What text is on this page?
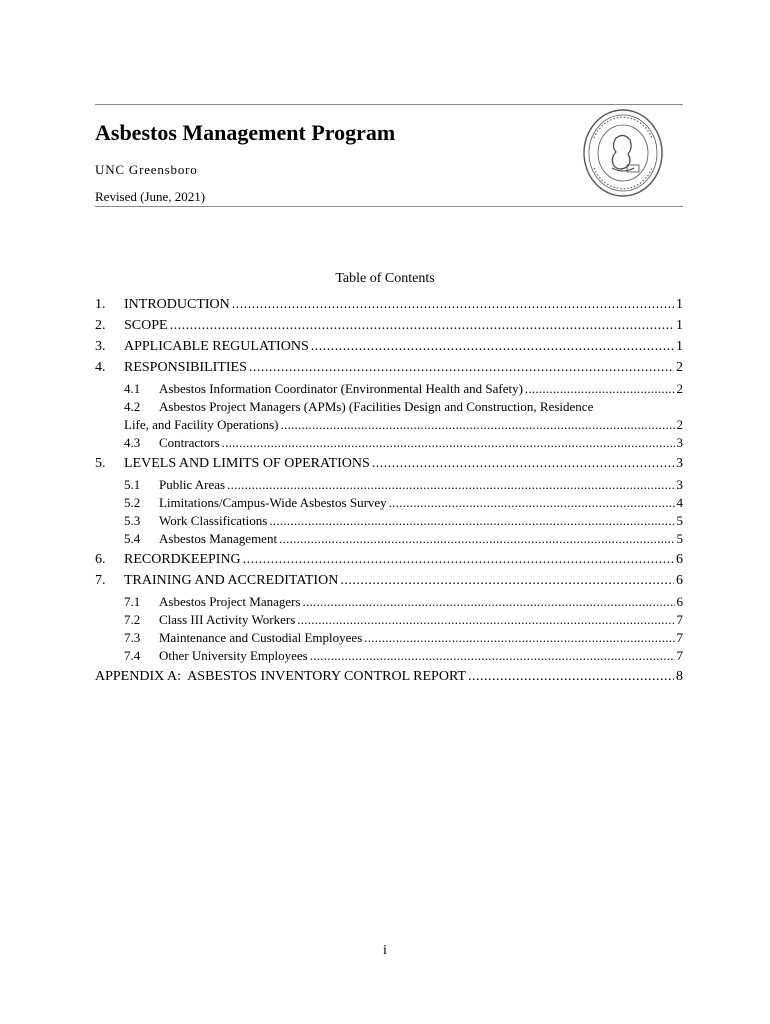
Asbestos Management Program
UNC Greensboro
Revised (June, 2021)
Table of Contents
1.	INTRODUCTION . . .	1
2.	SCOPE . . .	1
3.	APPLICABLE REGULATIONS . . .	1
4.	RESPONSIBILITIES . . .	2
4.1	Asbestos Information Coordinator (Environmental Health and Safety) . . .	2
4.2 Asbestos Project Managers (APMs) (Facilities Design and Construction, Residence
Life, and Facility Operations) . . .	2
4.3	Contractors . . .	3
5.	LEVELS AND LIMITS OF OPERATIONS . . .	3
5.1	Public Areas . . .	3
5.2	Limitations/Campus-Wide Asbestos Survey . . .	4
5.3	Work Classifications . . .	5
5.4	Asbestos Management . . .	5
6.	RECORDKEEPING . . .	6
7.	TRAINING AND ACCREDITATION . . .	6
7.1	Asbestos Project Managers . . .	6
7.2	Class III Activity Workers . . .	7
7.3	Maintenance and Custodial Employees . . .	7
7.4	Other University Employees . . .	7
APPENDIX A:  ASBESTOS INVENTORY CONTROL REPORT . . .	8
i
